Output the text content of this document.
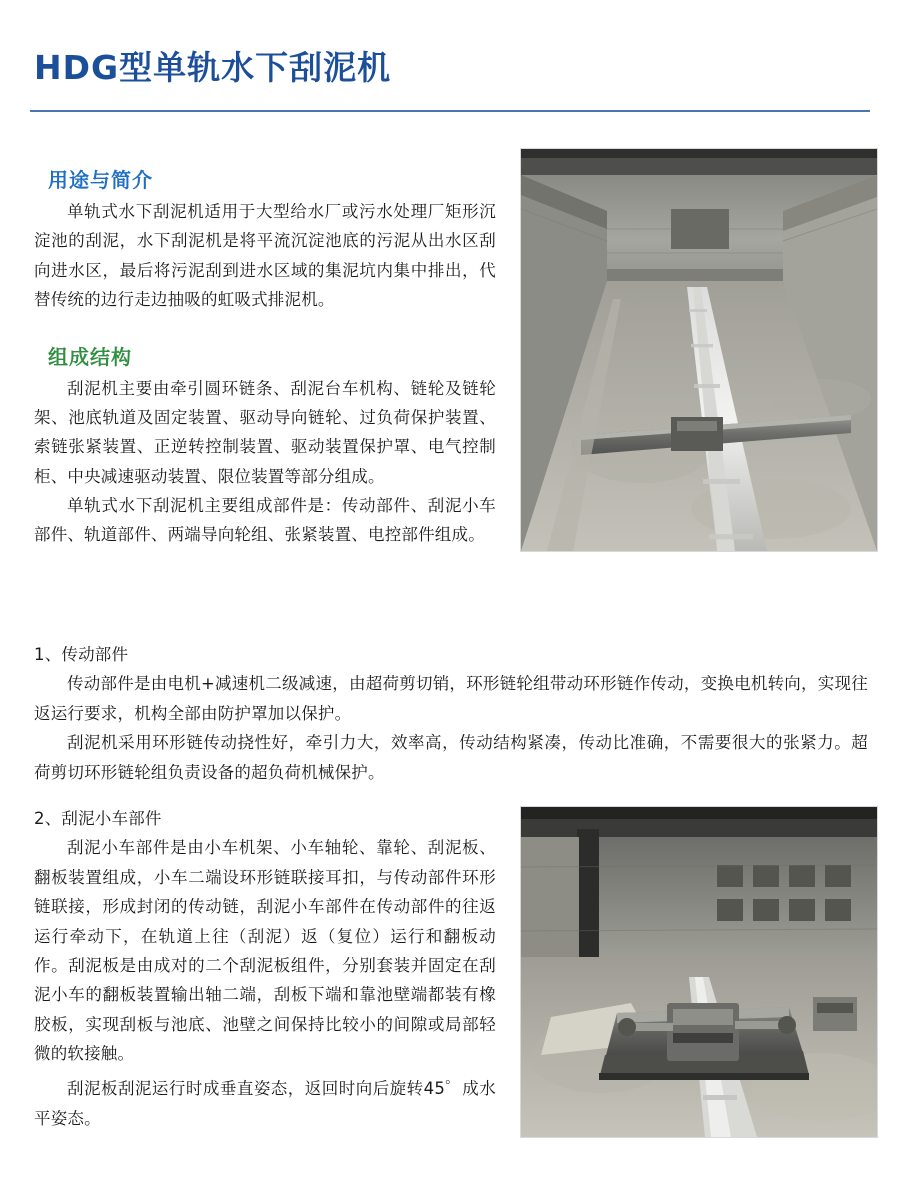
HDG型单轨水下刮泥机
用途与简介

单轨式水下刮泥机适用于大型给水厂或污水处理厂矩形沉淀池的刮泥，水下刮泥机是将平流沉淀池底的污泥从出水区刮向进水区，最后将污泥刮到进水区域的集泥坑内集中排出，代替传统的边行走边抽吸的虹吸式排泥机。

组成结构

刮泥机主要由牵引圆环链条、刮泥台车机构、链轮及链轮架、池底轨道及固定装置、驱动导向链轮、过负荷保护装置、索链张紧装置、正逆转控制装置、驱动装置保护罩、电气控制柜、中央减速驱动装置、限位装置等部分组成。

单轨式水下刮泥机主要组成部件是：传动部件、刮泥小车部件、轨道部件、两端导向轮组、张紧装置、电控部件组成。

1、传动部件

传动部件是由电机+减速机二级减速，由超荷剪切销，环形链轮组带动环形链作传动，变换电机转向，实现往返运行要求，机构全部由防护罩加以保护。

刮泥机采用环形链传动挠性好，牵引力大，效率高，传动结构紧凑，传动比准确，不需要很大的张紧力。超荷剪切环形链轮组负责设备的超负荷机械保护。

2、刮泥小车部件

刮泥小车部件是由小车机架、小车轴轮、靠轮、刮泥板、翻板装置组成，小车二端设环形链联接耳扣，与传动部件环形链联接，形成封闭的传动链，刮泥小车部件在传动部件的往返运行牵动下，在轨道上往（刮泥）返（复位）运行和翻板动作。刮泥板是由成对的二个刮泥板组件，分别套装并固定在刮泥小车的翻板装置输出轴二端，刮板下端和靠池壁端都装有橡胶板，实现刮板与池底、池壁之间保持比较小的间隙或局部轻微的软接触。

刮泥板刮泥运行时成垂直姿态，返回时向后旋转45゜成水平姿态。
